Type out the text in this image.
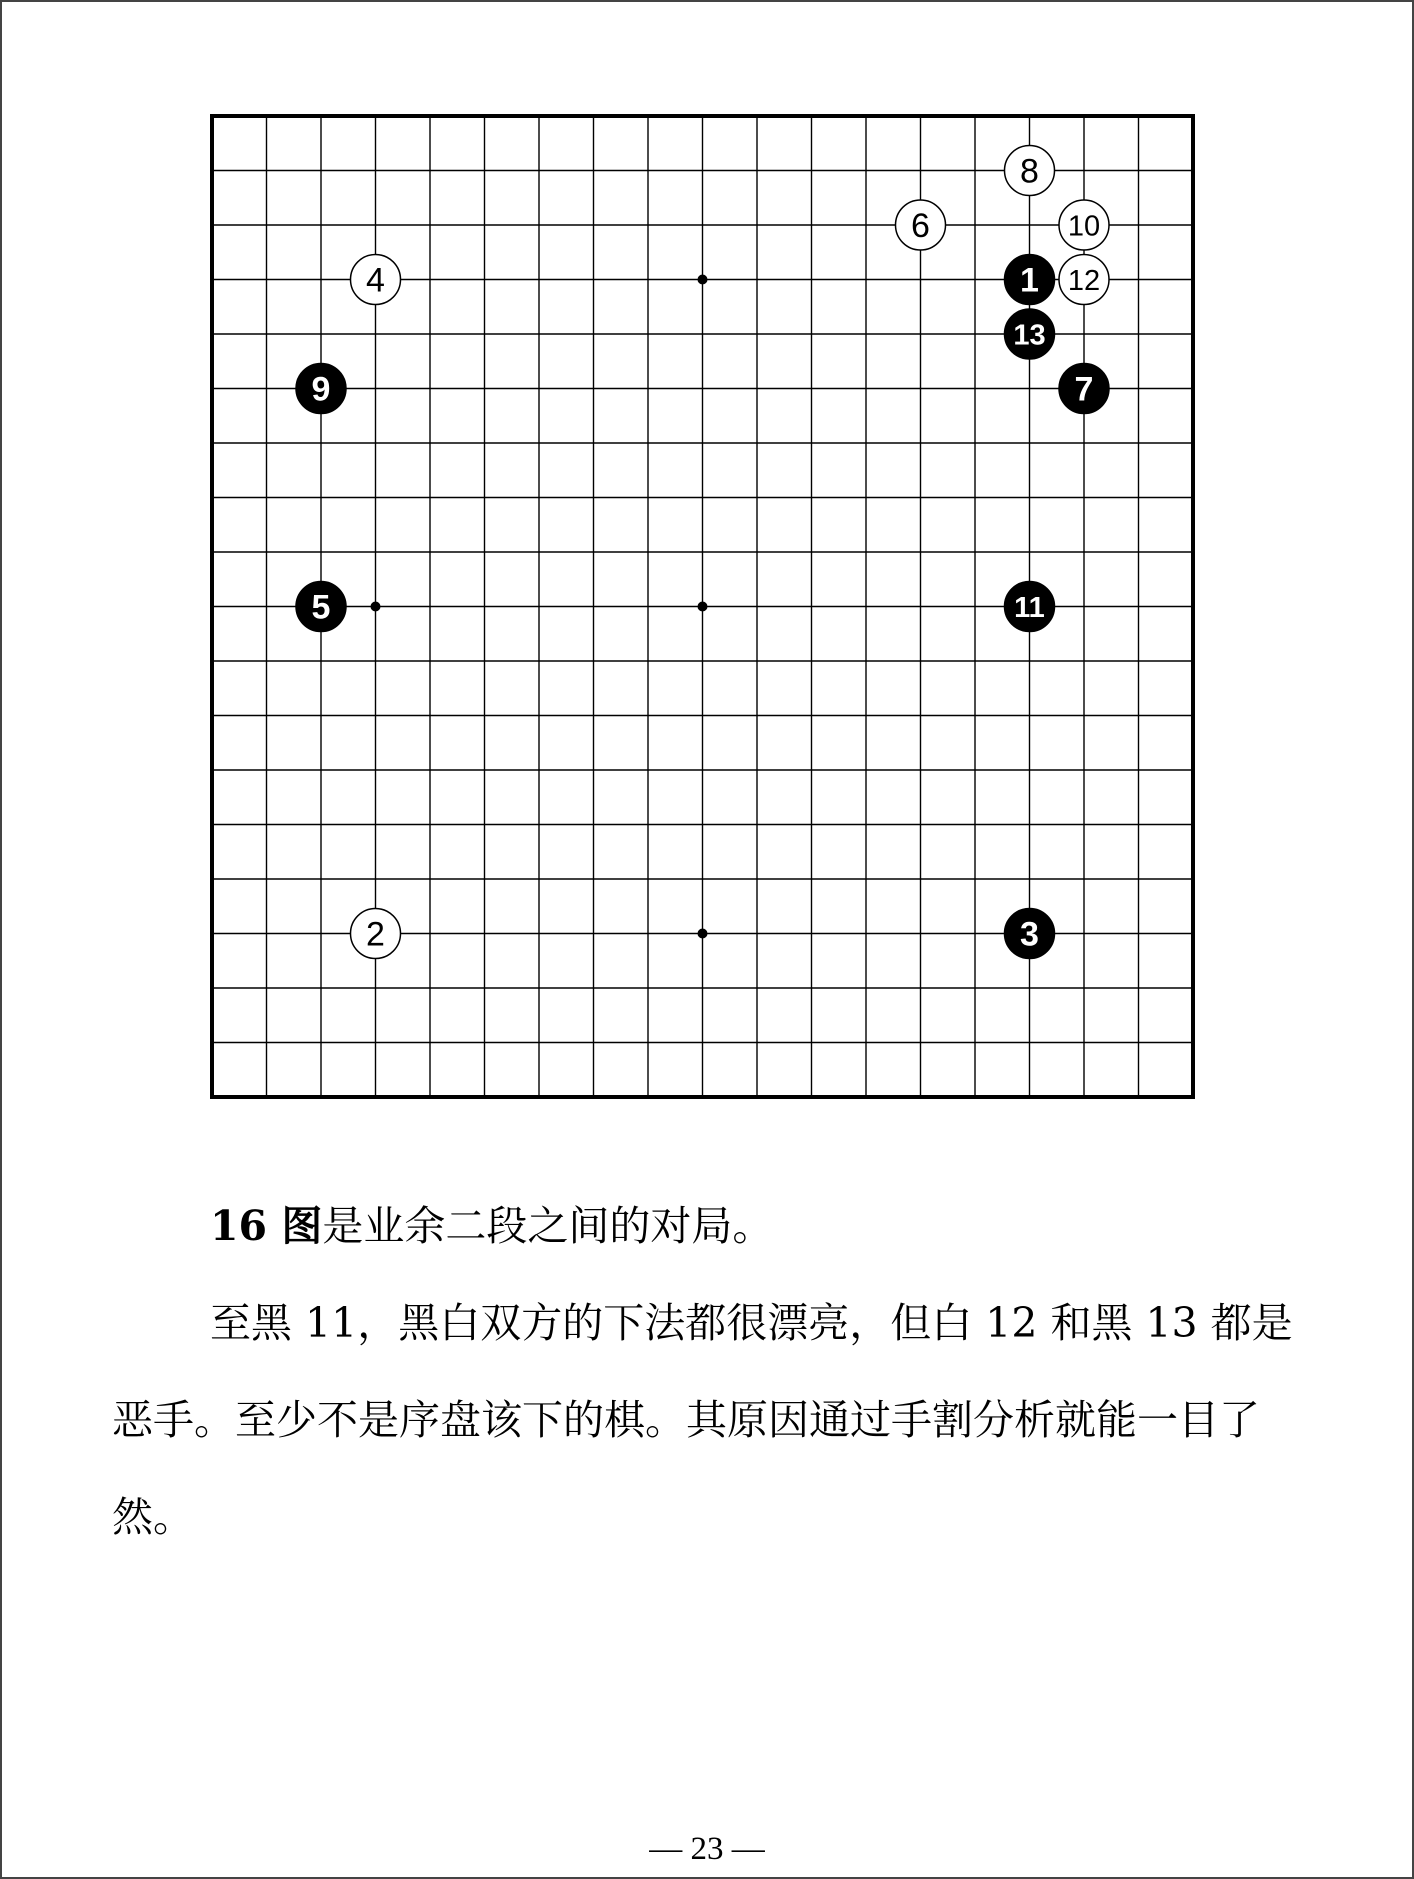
1
2	3
4
5
6
7
8
9
10
11
12
13

16 图是业余二段之间的对局。

至黑 11，黑白双方的下法都很漂亮，但白 12 和黑 13 都是恶手。至少不是序盘该下的棋。其原因通过手割分析就能一目了然。

— 23 —
